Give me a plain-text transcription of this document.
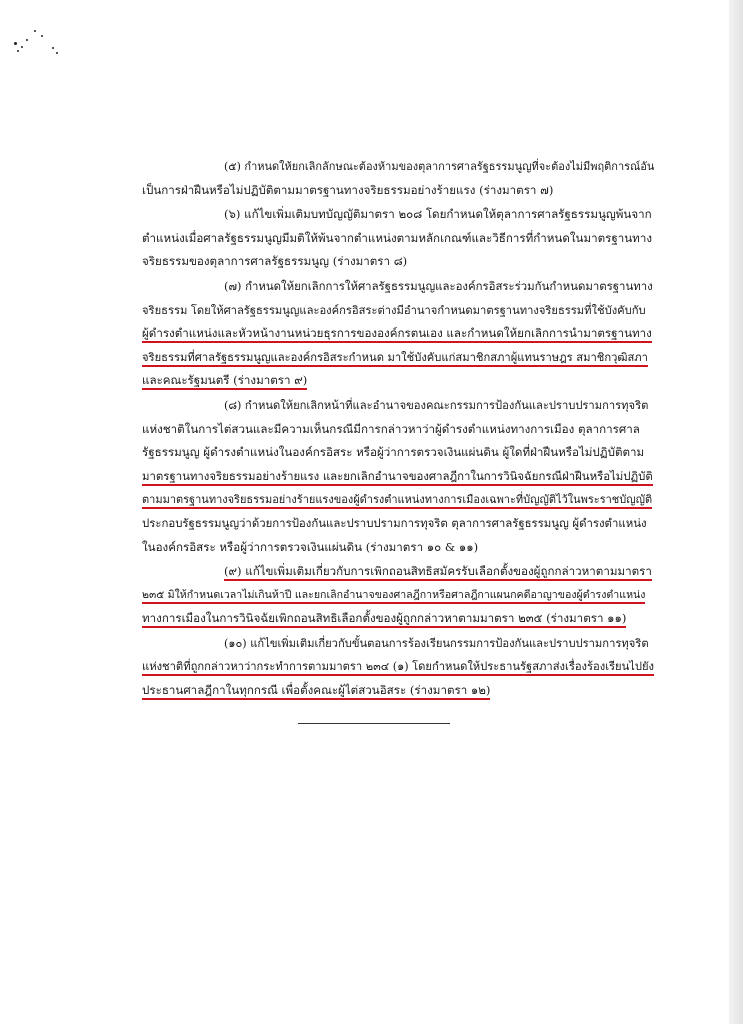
(๕) กำหนดให้ยกเลิกลักษณะต้องห้ามของตุลาการศาลรัฐธรรมนูญที่จะต้องไม่มีพฤติการณ์อัน
เป็นการฝ่าฝืนหรือไม่ปฏิบัติตามมาตรฐานทางจริยธรรมอย่างร้ายแรง (ร่างมาตรา ๗)

(๖) แก้ไขเพิ่มเติมบทบัญญัติมาตรา ๒๐๘ โดยกำหนดให้ตุลาการศาลรัฐธรรมนูญพ้นจาก
ตำแหน่งเมื่อศาลรัฐธรรมนูญมีมติให้พ้นจากตำแหน่งตามหลักเกณฑ์และวิธีการที่กำหนดในมาตรฐานทาง
จริยธรรมของตุลาการศาลรัฐธรรมนูญ (ร่างมาตรา ๘)

(๗) กำหนดให้ยกเลิกการให้ศาลรัฐธรรมนูญและองค์กรอิสระร่วมกันกำหนดมาตรฐานทาง
จริยธรรม โดยให้ศาลรัฐธรรมนูญและองค์กรอิสระต่างมีอำนาจกำหนดมาตรฐานทางจริยธรรมที่ใช้บังคับกับ
ผู้ดำรงตำแหน่งและหัวหน้างานหน่วยธุรการขององค์กรตนเอง และกำหนดให้ยกเลิกการนำมาตรฐานทาง
จริยธรรมที่ศาลรัฐธรรมนูญและองค์กรอิสระกำหนด มาใช้บังคับแก่สมาชิกสภาผู้แทนราษฎร สมาชิกวุฒิสภา
และคณะรัฐมนตรี (ร่างมาตรา ๙)

(๘) กำหนดให้ยกเลิกหน้าที่และอำนาจของคณะกรรมการป้องกันและปราบปรามการทุจริต
แห่งชาติในการไต่สวนและมีความเห็นกรณีมีการกล่าวหาว่าผู้ดำรงตำแหน่งทางการเมือง ตุลาการศาล
รัฐธรรมนูญ ผู้ดำรงตำแหน่งในองค์กรอิสระ หรือผู้ว่าการตรวจเงินแผ่นดิน ผู้ใดที่ฝ่าฝืนหรือไม่ปฏิบัติตาม
มาตรฐานทางจริยธรรมอย่างร้ายแรง และยกเลิกอำนาจของศาลฎีกาในการวินิจฉัยกรณีฝ่าฝืนหรือไม่ปฏิบัติ
ตามมาตรฐานทางจริยธรรมอย่างร้ายแรงของผู้ดำรงตำแหน่งทางการเมืองเฉพาะที่บัญญัติไว้ในพระราชบัญญัติ
ประกอบรัฐธรรมนูญว่าด้วยการป้องกันและปราบปรามการทุจริต ตุลาการศาลรัฐธรรมนูญ ผู้ดำรงตำแหน่ง
ในองค์กรอิสระ หรือผู้ว่าการตรวจเงินแผ่นดิน (ร่างมาตรา ๑๐ & ๑๑)

(๙) แก้ไขเพิ่มเติมเกี่ยวกับการเพิกถอนสิทธิสมัครรับเลือกตั้งของผู้ถูกกล่าวหาตามมาตรา
๒๓๕ มิให้กำหนดเวลาไม่เกินห้าปี และยกเลิกอำนาจของศาลฎีกาหรือศาลฎีกาแผนกคดีอาญาของผู้ดำรงตำแหน่ง
ทางการเมืองในการวินิจฉัยเพิกถอนสิทธิเลือกตั้งของผู้ถูกกล่าวหาตามมาตรา ๒๓๕ (ร่างมาตรา ๑๑)

(๑๐) แก้ไขเพิ่มเติมเกี่ยวกับขั้นตอนการร้องเรียนกรรมการป้องกันและปราบปรามการทุจริต
แห่งชาติที่ถูกกล่าวหาว่ากระทำการตามมาตรา ๒๓๔ (๑) โดยกำหนดให้ประธานรัฐสภาส่งเรื่องร้องเรียนไปยัง
ประธานศาลฎีกาในทุกกรณี เพื่อตั้งคณะผู้ไต่สวนอิสระ (ร่างมาตรา ๑๒)
